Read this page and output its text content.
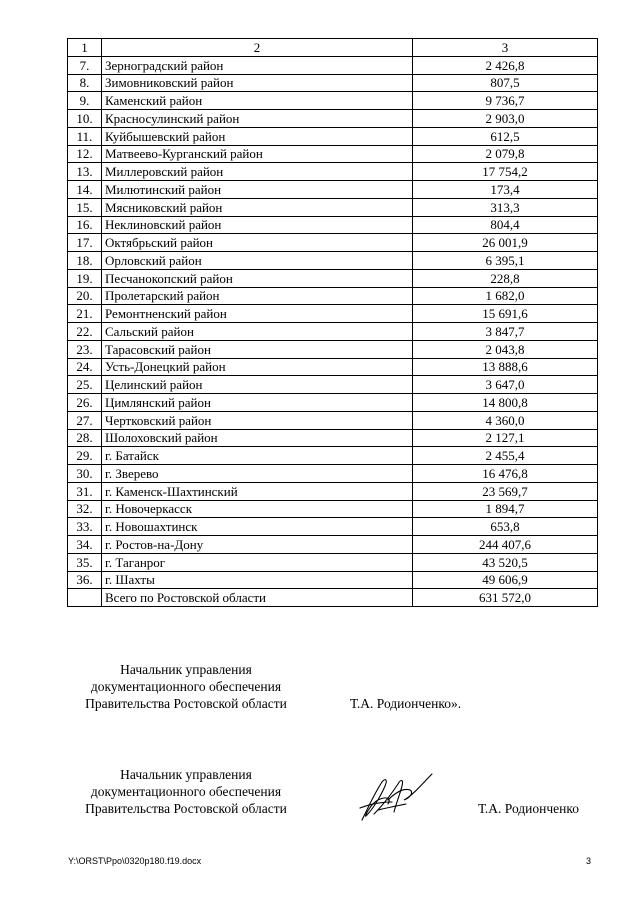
1	2	3
7.	Зерноградский район	2 426,8
8.	Зимовниковский район	807,5
9.	Каменский район	9 736,7
10.	Красносулинский район	2 903,0
11.	Куйбышевский район	612,5
12.	Матвеево-Курганский район	2 079,8
13.	Миллеровский район	17 754,2
14.	Милютинский район	173,4
15.	Мясниковский район	313,3
16.	Неклиновский район	804,4
17.	Октябрьский район	26 001,9
18.	Орловский район	6 395,1
19.	Песчанокопский район	228,8
20.	Пролетарский район	1 682,0
21.	Ремонтненский район	15 691,6
22.	Сальский район	3 847,7
23.	Тарасовский район	2 043,8
24.	Усть-Донецкий район	13 888,6
25.	Целинский район	3 647,0
26.	Цимлянский район	14 800,8
27.	Чертковский район	4 360,0
28.	Шолоховский район	2 127,1
29.	г. Батайск	2 455,4
30.	г. Зверево	16 476,8
31.	г. Каменск-Шахтинский	23 569,7
32.	г. Новочеркасск	1 894,7
33.	г. Новошахтинск	653,8
34.	г. Ростов-на-Дону	244 407,6
35.	г. Таганрог	43 520,5
36.	г. Шахты	49 606,9
	Всего по Ростовской области	631 572,0
Начальник управления
документационного обеспечения
Правительства Ростовской области	Т.А. Родионченко».
Начальник управления
документационного обеспечения
Правительства Ростовской области	Т.А. Родионченко
Y:\ORST\Ppo\0320p180.f19.docx	3
